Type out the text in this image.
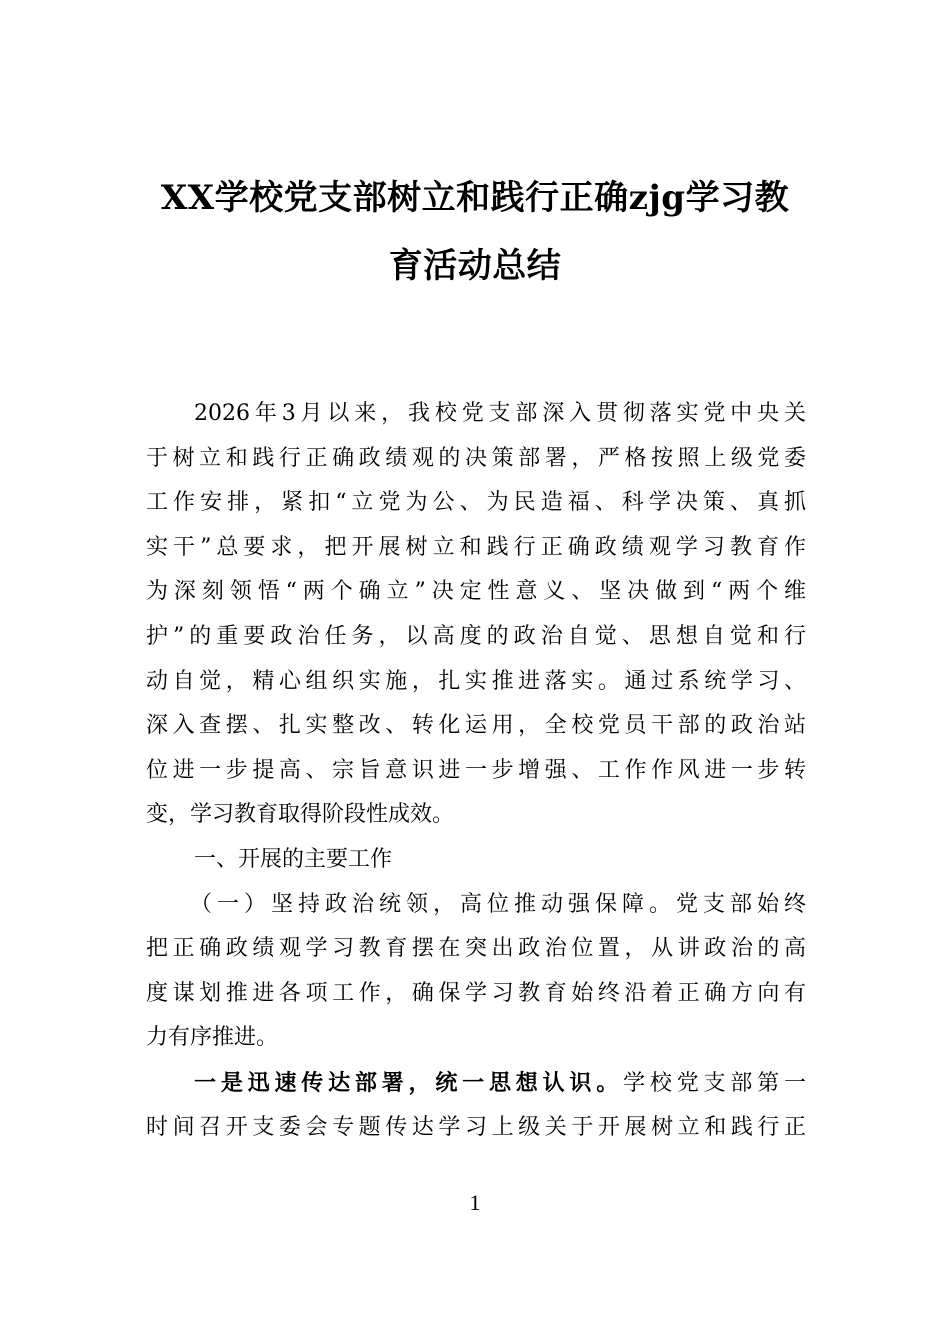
XX学校党支部树立和践行正确zjg学习教
育活动总结

2026年3月以来，我校党支部深入贯彻落实党中央关
于树立和践行正确政绩观的决策部署，严格按照上级党委
工作安排，紧扣“立党为公、为民造福、科学决策、真抓
实干”总要求，把开展树立和践行正确政绩观学习教育作
为深刻领悟“两个确立”决定性意义、坚决做到“两个维
护”的重要政治任务，以高度的政治自觉、思想自觉和行
动自觉，精心组织实施，扎实推进落实。通过系统学习、
深入查摆、扎实整改、转化运用，全校党员干部的政治站
位进一步提高、宗旨意识进一步增强、工作作风进一步转
变，学习教育取得阶段性成效。

一、开展的主要工作

（一）坚持政治统领，高位推动强保障。党支部始终
把正确政绩观学习教育摆在突出政治位置，从讲政治的高
度谋划推进各项工作，确保学习教育始终沿着正确方向有
力有序推进。

一是迅速传达部署，统一思想认识。学校党支部第一
时间召开支委会专题传达学习上级关于开展树立和践行正

1
